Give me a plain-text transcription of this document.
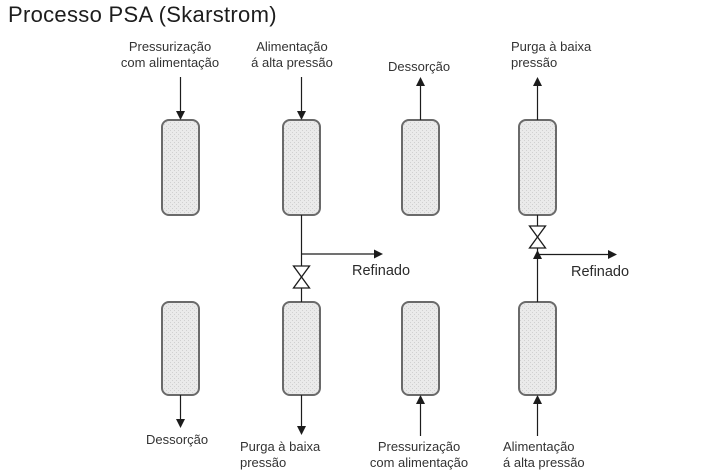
Processo PSA (Skarstrom)
Pressurização
com alimentação
Alimentação
á alta pressão	Dessorção
Purga à baixa
pressão
Refinado	Refinado
Dessorção Purga à baixa
pressão
Pressurização
com alimentação
Alimentação
á alta pressão
